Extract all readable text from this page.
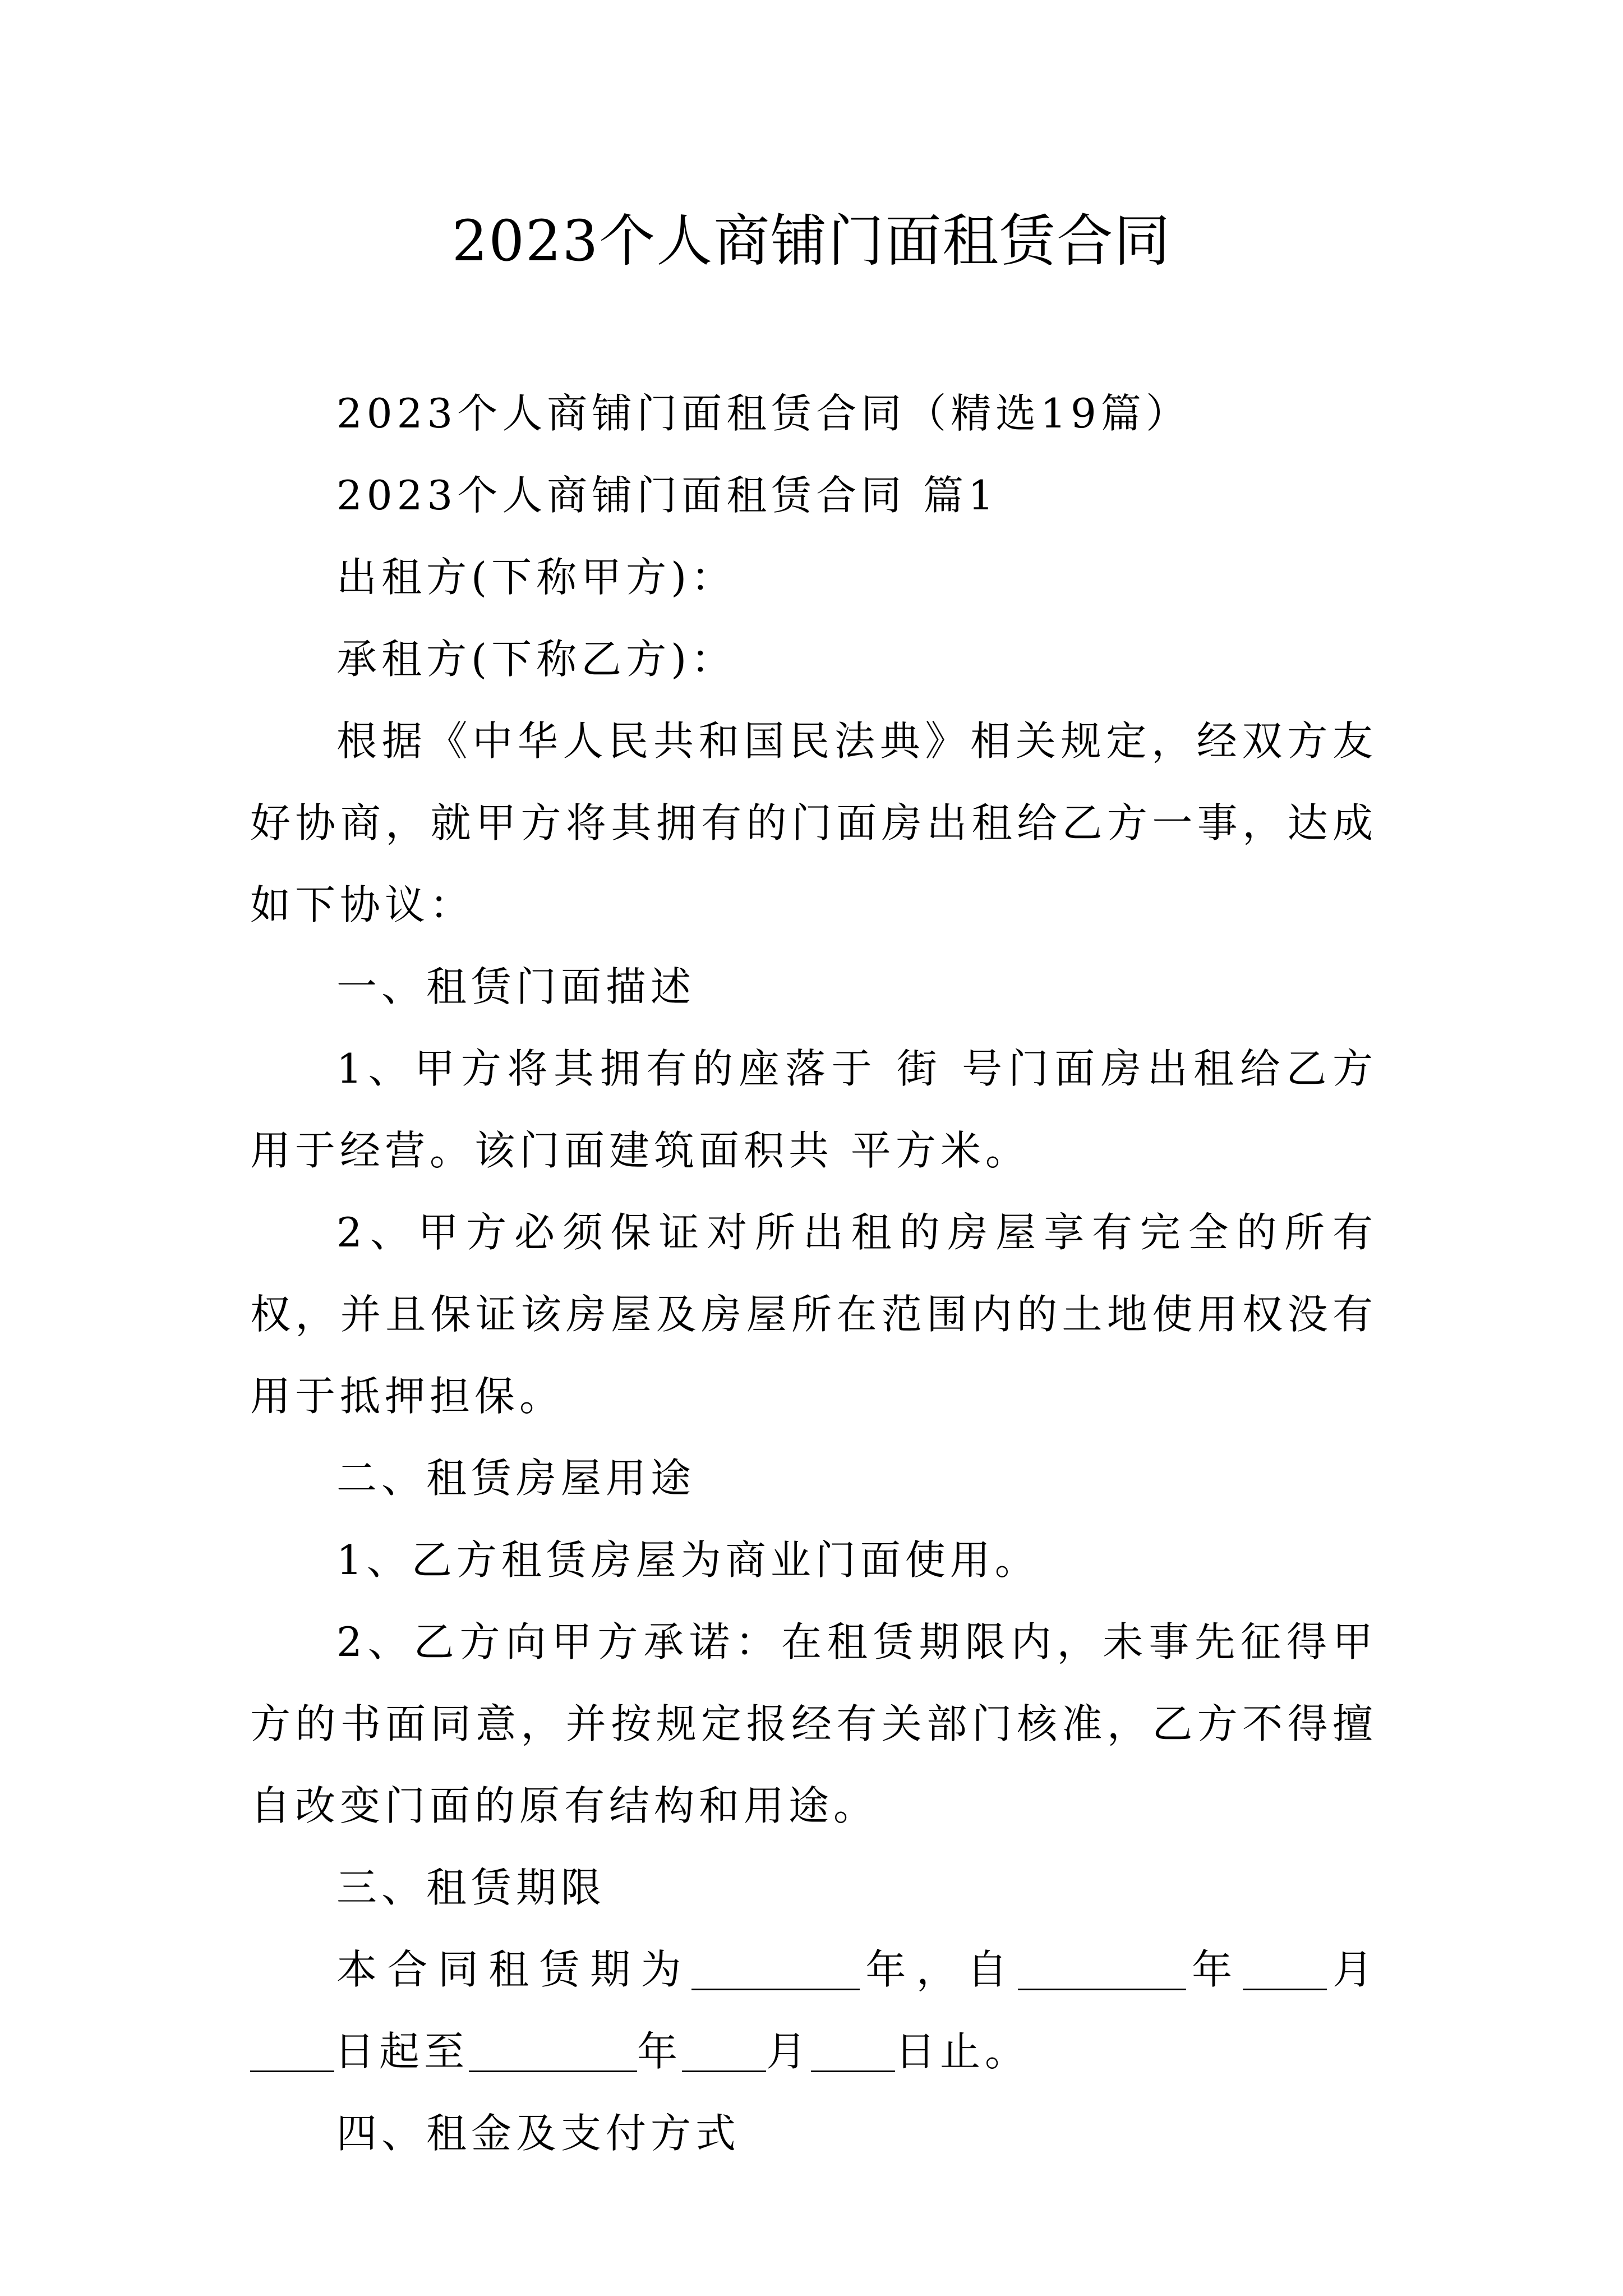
2023个人商铺门面租赁合同

2023个人商铺门面租赁合同（精选19篇）

2023个人商铺门面租赁合同 篇1

出租方(下称甲方)：

承租方(下称乙方)：

根据《中华人民共和国民法典》相关规定，经双方友好协商，就甲方将其拥有的门面房出租给乙方一事，达成如下协议：

一、租赁门面描述

1、甲方将其拥有的座落于 街 号门面房出租给乙方用于经营。该门面建筑面积共 平方米。

2、甲方必须保证对所出租的房屋享有完全的所有权，并且保证该房屋及房屋所在范围内的土地使用权没有用于抵押担保。

二、租赁房屋用途

1、乙方租赁房屋为商业门面使用。

2、乙方向甲方承诺：在租赁期限内，未事先征得甲方的书面同意，并按规定报经有关部门核准，乙方不得擅自改变门面的原有结构和用途。

三、租赁期限

本合同租赁期为	年，自	年 月日起至	年 月 日止。

四、租金及支付方式
